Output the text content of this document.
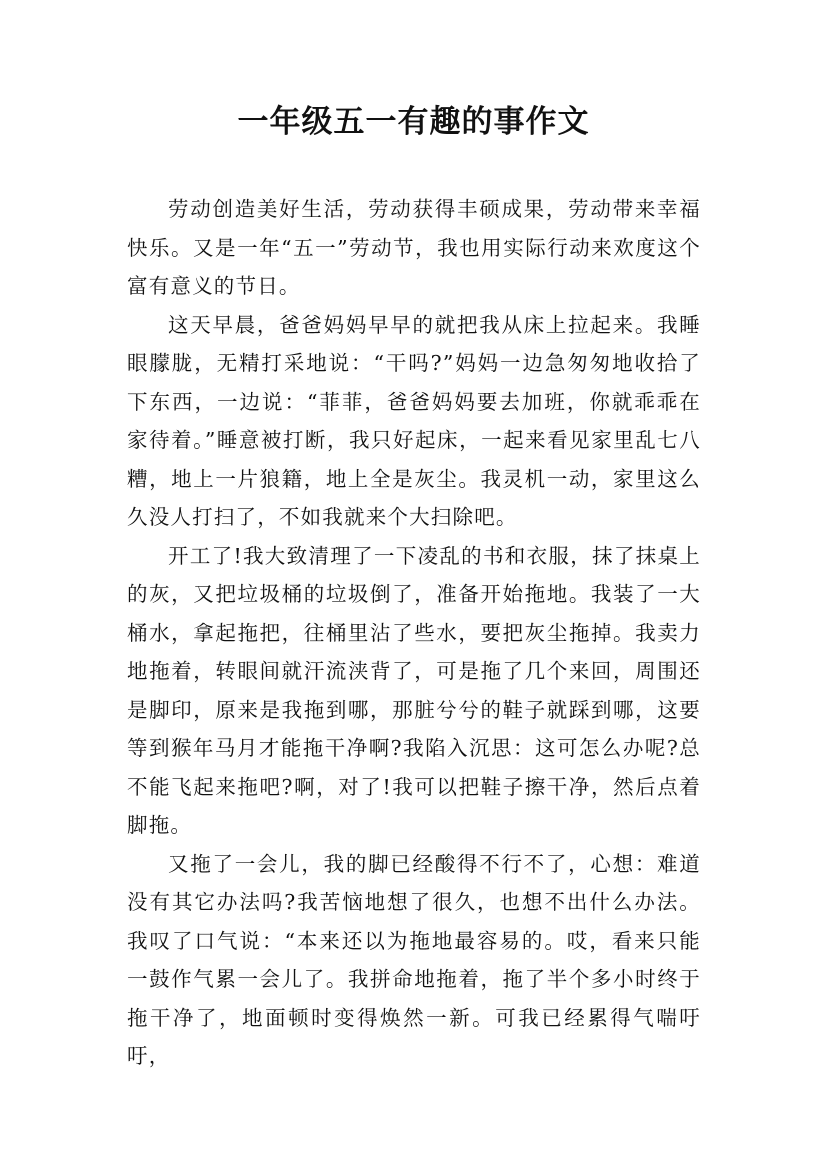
一年级五一有趣的事作文

劳动创造美好生活，劳动获得丰硕成果，劳动带来幸福快乐。又是一年“五一”劳动节，我也用实际行动来欢度这个富有意义的节日。

这天早晨，爸爸妈妈早早的就把我从床上拉起来。我睡眼朦胧，无精打采地说：“干吗?”妈妈一边急匆匆地收拾了下东西，一边说：“菲菲，爸爸妈妈要去加班，你就乖乖在家待着。”睡意被打断，我只好起床，一起来看见家里乱七八糟，地上一片狼籍，地上全是灰尘。我灵机一动，家里这么久没人打扫了，不如我就来个大扫除吧。

开工了!我大致清理了一下凌乱的书和衣服，抹了抹桌上的灰，又把垃圾桶的垃圾倒了，准备开始拖地。我装了一大桶水，拿起拖把，往桶里沾了些水，要把灰尘拖掉。我卖力地拖着，转眼间就汗流浃背了，可是拖了几个来回，周围还是脚印，原来是我拖到哪，那脏兮兮的鞋子就踩到哪，这要等到猴年马月才能拖干净啊?我陷入沉思：这可怎么办呢?总不能飞起来拖吧?啊，对了!我可以把鞋子擦干净，然后点着脚拖。

又拖了一会儿，我的脚已经酸得不行不了，心想：难道没有其它办法吗?我苦恼地想了很久，也想不出什么办法。我叹了口气说：“本来还以为拖地最容易的。哎，看来只能一鼓作气累一会儿了。我拼命地拖着，拖了半个多小时终于拖干净了，地面顿时变得焕然一新。可我已经累得气喘吁吁，
